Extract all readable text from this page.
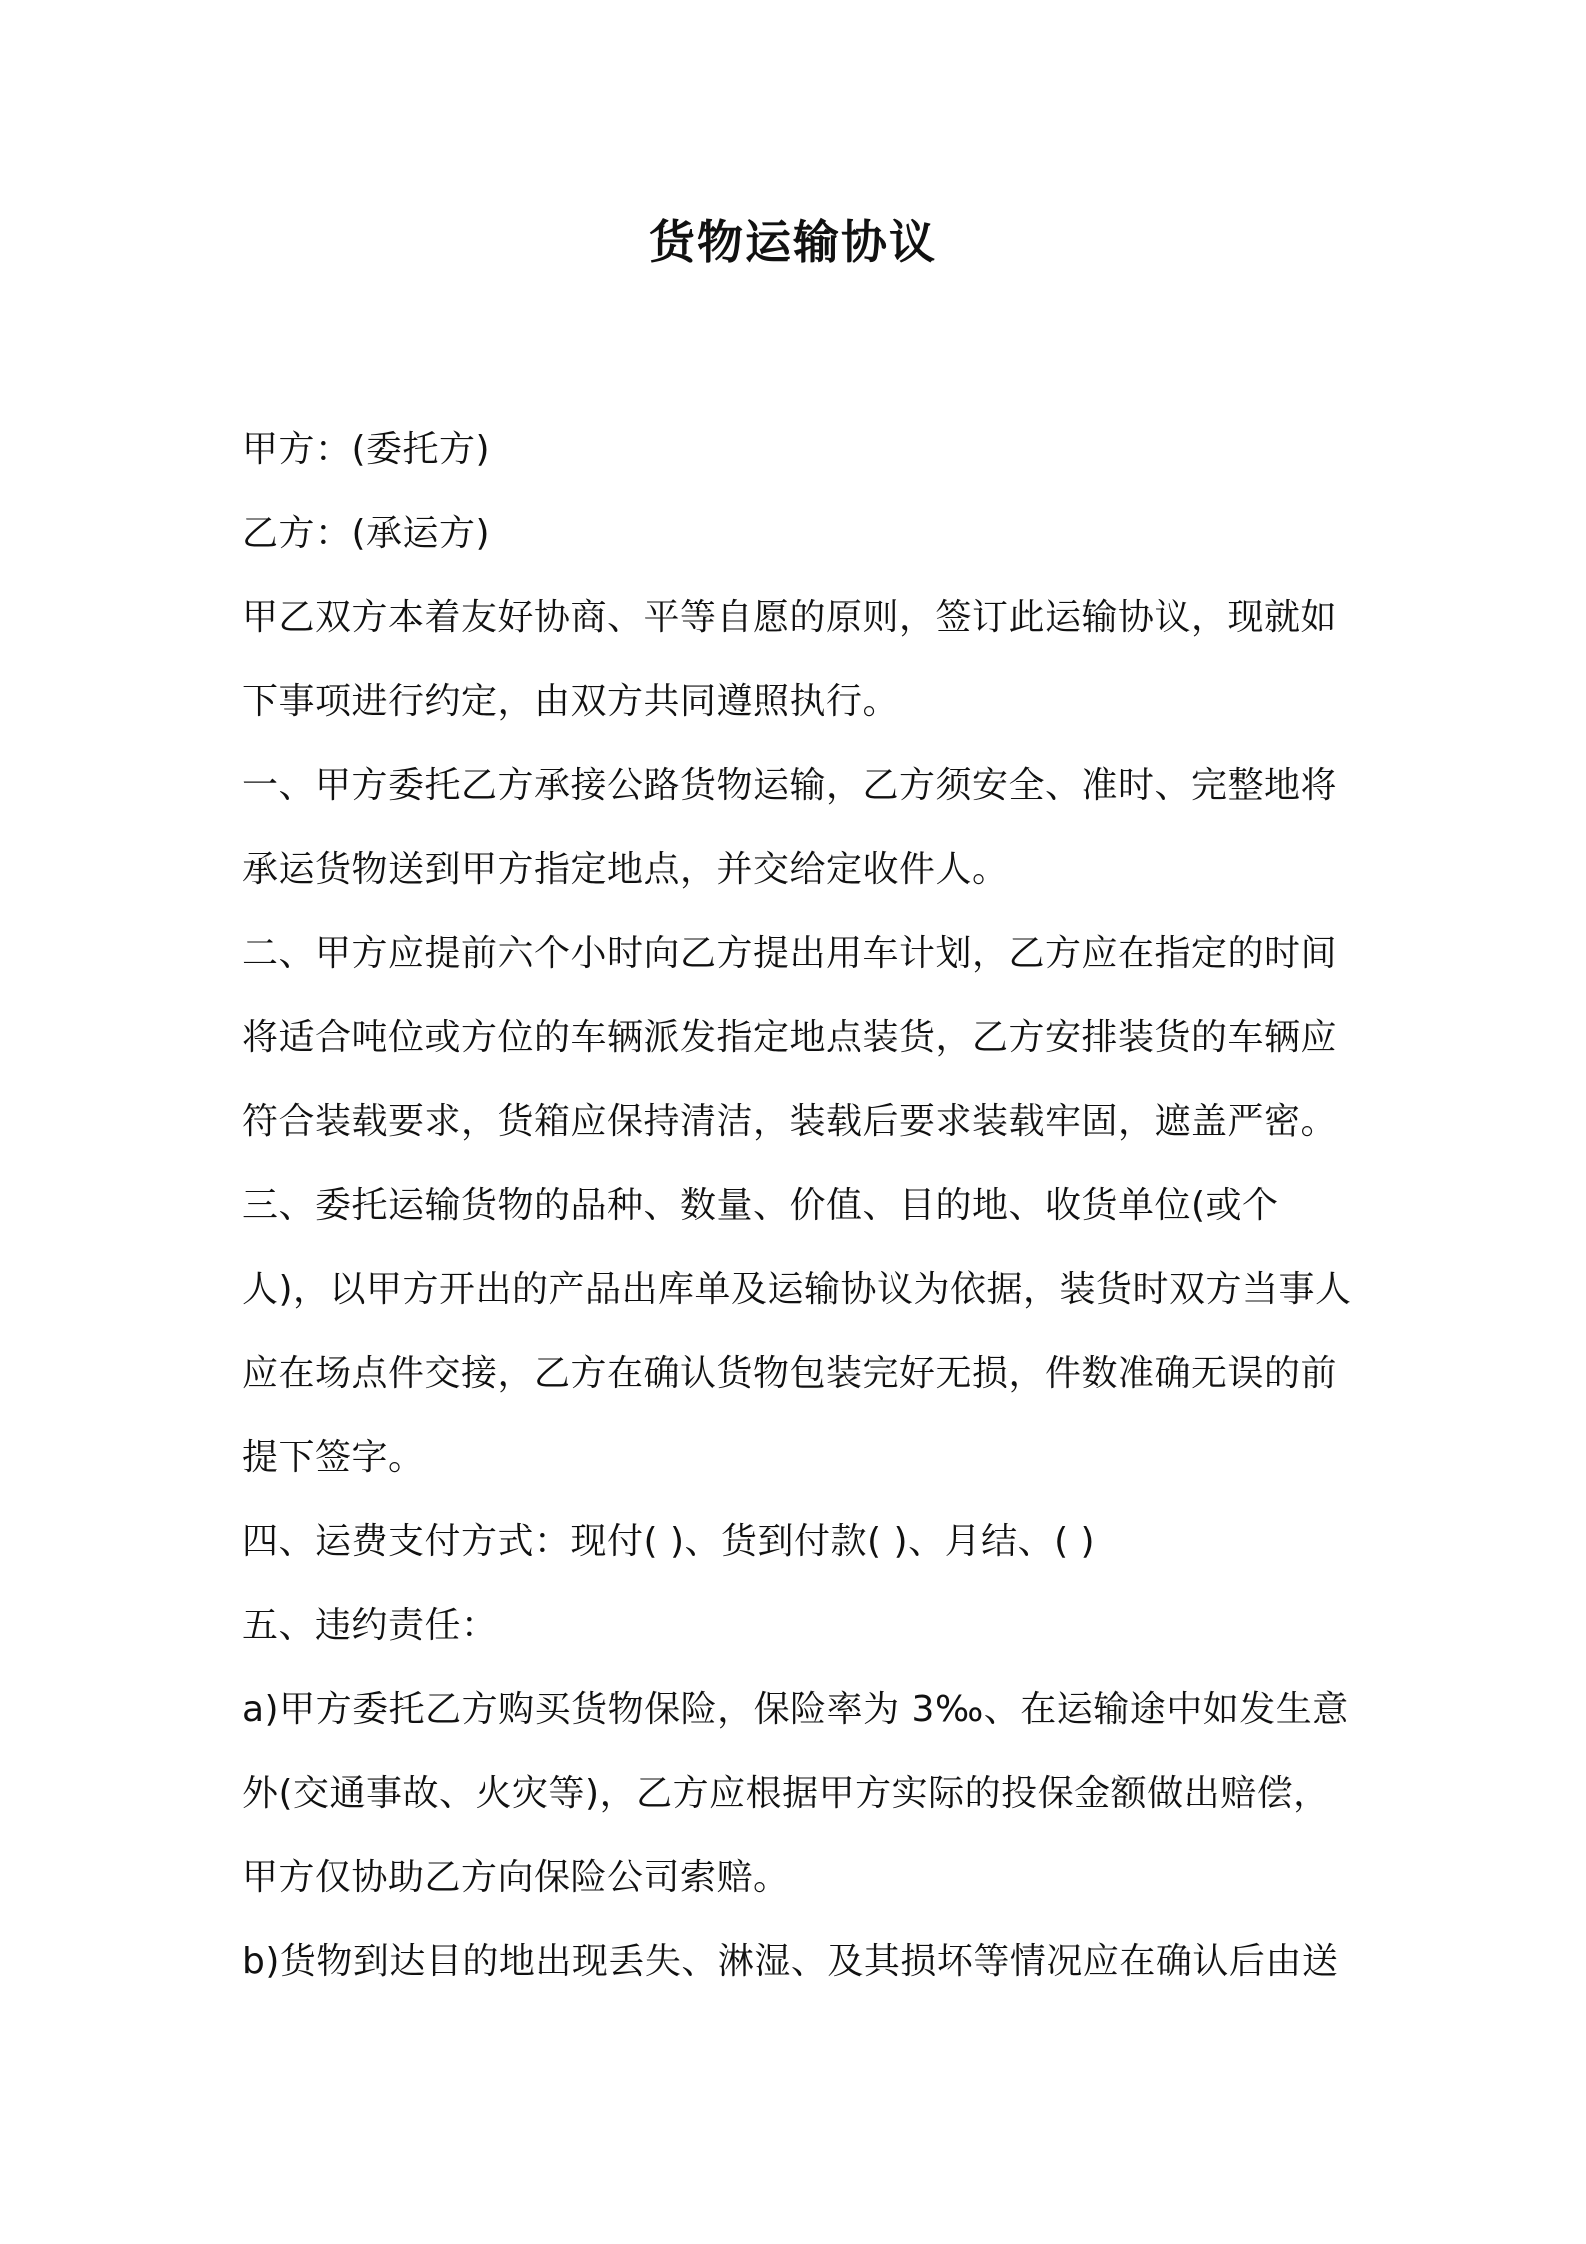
货物运输协议

甲方：(委托方)

乙方：(承运方)

甲乙双方本着友好协商、平等自愿的原则，签订此运输协议，现就如下事项进行约定，由双方共同遵照执行。

一、甲方委托乙方承接公路货物运输，乙方须安全、准时、完整地将承运货物送到甲方指定地点，并交给定收件人。

二、甲方应提前六个小时向乙方提出用车计划，乙方应在指定的时间将适合吨位或方位的车辆派发指定地点装货，乙方安排装货的车辆应符合装载要求，货箱应保持清洁，装载后要求装载牢固，遮盖严密。

三、委托运输货物的品种、数量、价值、目的地、收货单位(或个人)，以甲方开出的产品出库单及运输协议为依据，装货时双方当事人应在场点件交接，乙方在确认货物包装完好无损，件数准确无误的前提下签字。

四、运费支付方式：现付( )、货到付款( )、月结、( )

五、违约责任：

a)甲方委托乙方购买货物保险，保险率为 3‰、在运输途中如发生意外(交通事故、火灾等)，乙方应根据甲方实际的投保金额做出赔偿，甲方仅协助乙方向保险公司索赔。

b)货物到达目的地出现丢失、淋湿、及其损坏等情况应在确认后由送
